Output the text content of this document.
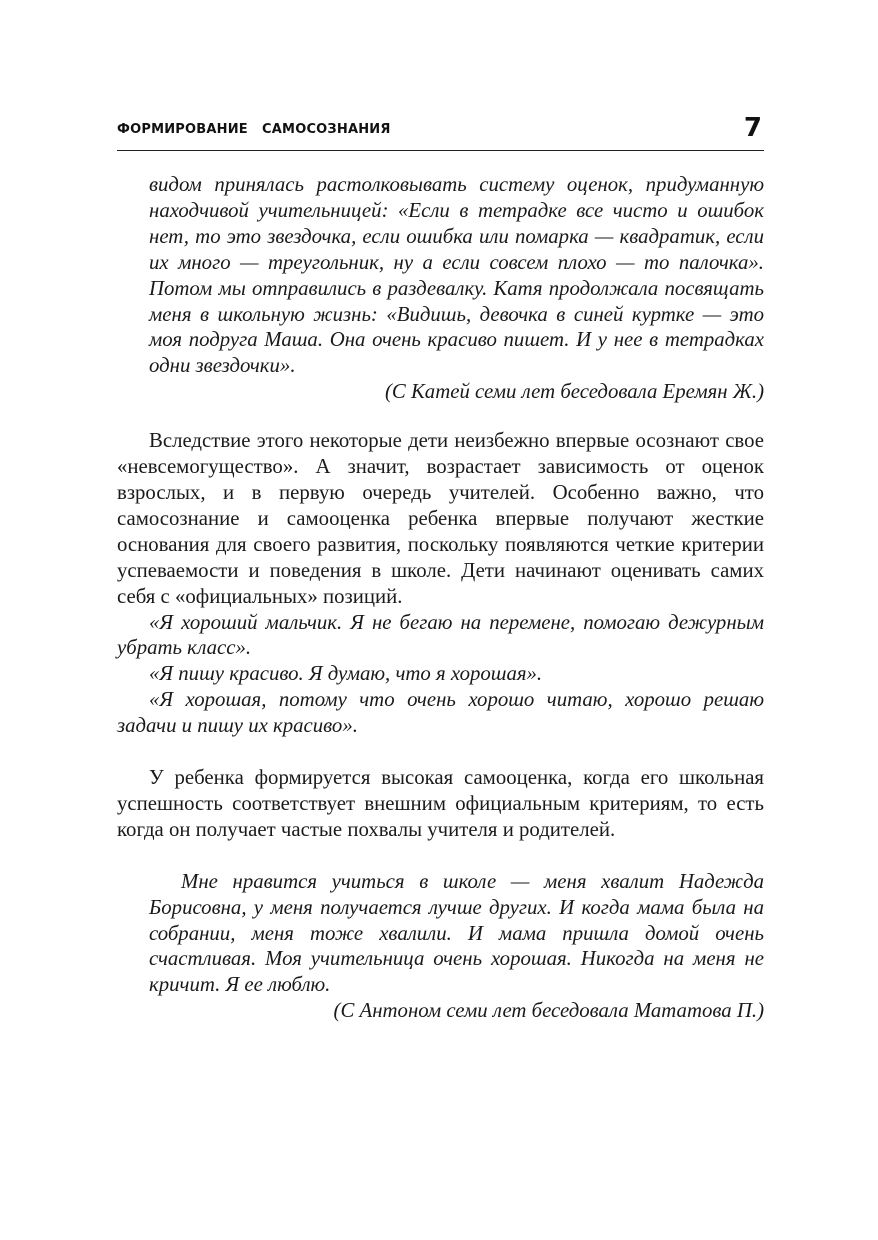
ФОРМИРОВАНИЕ   САМОСОЗНАНИЯ	7

видом принялась растолковывать систему оценок, придуманную находчивой учительницей: «Если в тетрадке все чисто и ошибок нет, то это звездочка, если ошибка или помарка — квадратик, если их много — треугольник, ну а если совсем плохо — то палочка». Потом мы отправились в раздевалку. Катя продолжала посвящать меня в школьную жизнь: «Видишь, девочка в синей куртке — это моя подруга Маша. Она очень красиво пишет. И у нее в тетрадках одни звездочки».

(С Катей семи лет беседовала Еремян Ж.)

Вследствие этого некоторые дети неизбежно впервые осознают свое «невсемогущество». А значит, возрастает зависимость от оценок взрослых, и в первую очередь учителей. Особенно важно, что самосознание и самооценка ребенка впервые получают жесткие основания для своего развития, поскольку появляются четкие критерии успеваемости и поведения в школе. Дети начинают оценивать самих себя с «официальных» позиций.

«Я хороший мальчик. Я не бегаю на перемене, помогаю дежурным убрать класс».

«Я пишу красиво. Я думаю, что я хорошая».

«Я хорошая, потому что очень хорошо читаю, хорошо решаю задачи и пишу их красиво».

У ребенка формируется высокая самооценка, когда его школьная успешность соответствует внешним официальным критериям, то есть когда он получает частые похвалы учителя и родителей.

Мне нравится учиться в школе — меня хвалит Надежда Борисовна, у меня получается лучше других. И когда мама была на собрании, меня тоже хвалили. И мама пришла домой очень счастливая. Моя учительница очень хорошая. Никогда на меня не кричит. Я ее люблю.

(С Антоном семи лет беседовала Мататова П.)
